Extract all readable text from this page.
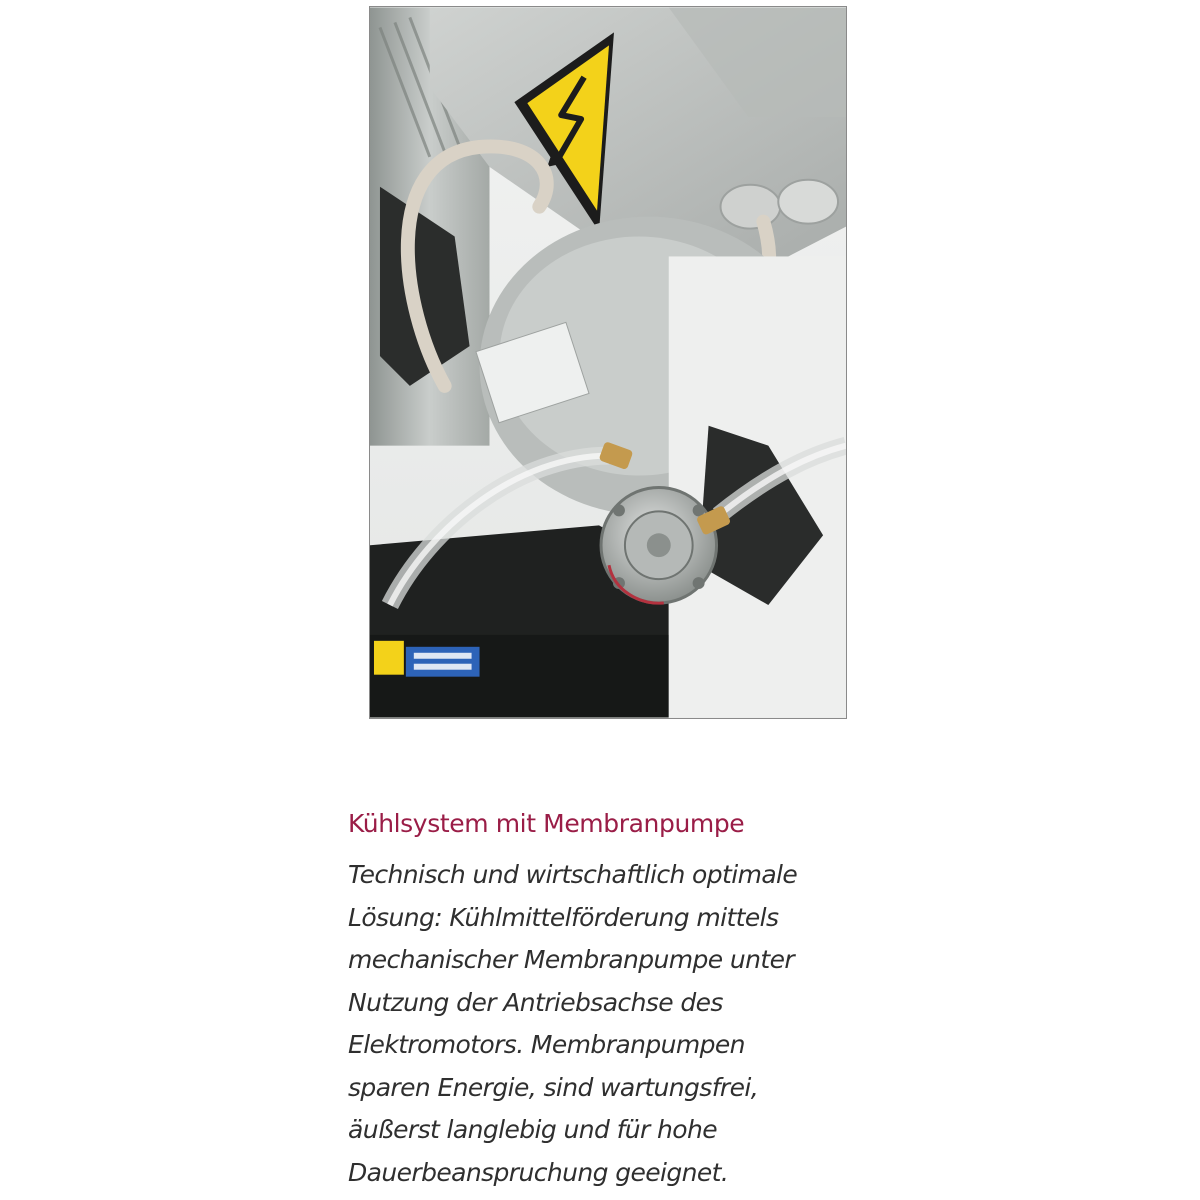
Kühlsystem mit Membranpumpe

Technisch und wirtschaftlich optimale
Lösung: Kühlmittelförderung mittels
mechanischer Membranpumpe unter
Nutzung der Antriebsachse des
Elektromotors. Membranpumpen
sparen Energie, sind wartungsfrei,
äußerst langlebig und für hohe
Dauerbeanspruchung geeignet.
